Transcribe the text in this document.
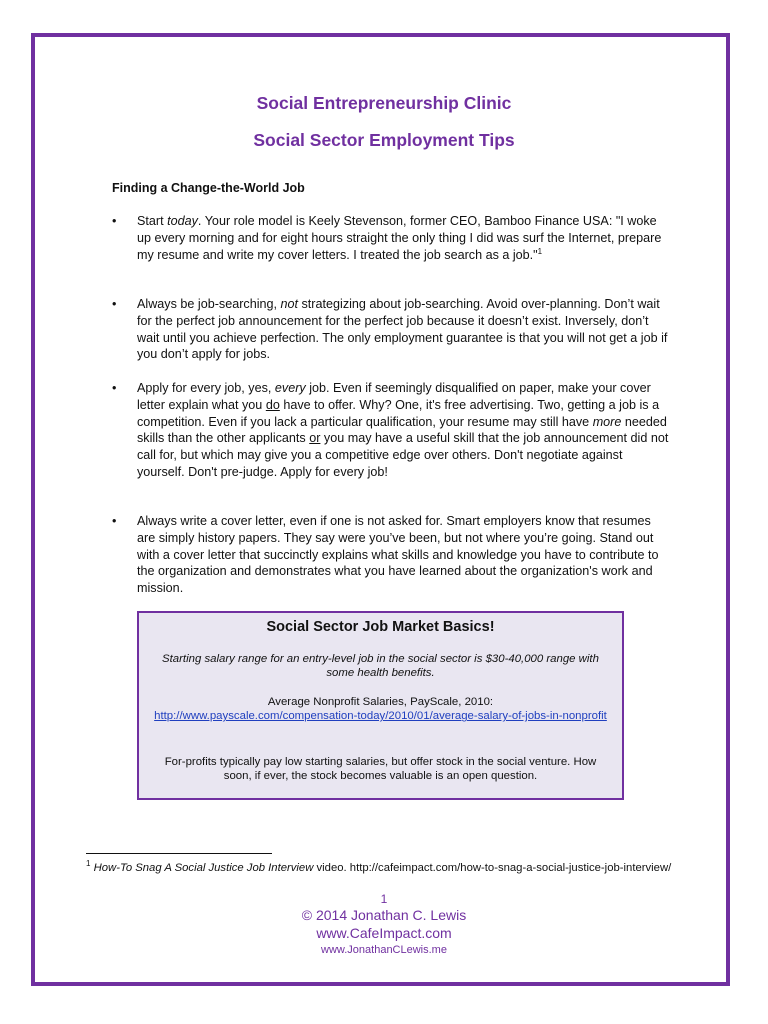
Social Entrepreneurship Clinic
Social Sector Employment Tips
Finding a Change-the-World Job
•	Start today. Your role model is Keely Stevenson, former CEO, Bamboo Finance USA: "I woke up every morning and for eight hours straight the only thing I did was surf the Internet, prepare my resume and write my cover letters. I treated the job search as a job."$^1$
•	Always be job-searching, not strategizing about job-searching. Avoid over-planning. Don’t wait for the perfect job announcement for the perfect job because it doesn’t exist. Inversely, don’t wait until you achieve perfection. The only employment guarantee is that you will not get a job if you don’t apply for jobs.
•	Apply for every job, yes, every job. Even if seemingly disqualified on paper, make your cover letter explain what you do have to offer. Why? One, it's free advertising. Two, getting a job is a competition. Even if you lack a particular qualification, your resume may still have more needed skills than the other applicants or you may have a useful skill that the job announcement did not call for, but which may give you a competitive edge over others. Don't negotiate against yourself. Don't pre-judge. Apply for every job!
•	Always write a cover letter, even if one is not asked for. Smart employers know that resumes are simply history papers. They say were you’ve been, but not where you’re going. Stand out with a cover letter that succinctly explains what skills and knowledge you have to contribute to the organization and demonstrates what you have learned about the organization's work and mission.
Social Sector Job Market Basics!
Starting salary range for an entry-level job in the social sector is $30-40,000 range with some health benefits.
Average Nonprofit Salaries, PayScale, 2010:
http://www.payscale.com/compensation-today/2010/01/average-salary-of-jobs-in-nonprofit
For-profits typically pay low starting salaries, but offer stock in the social venture. How soon, if ever, the stock becomes valuable is an open question.
$^1$ How-To Snag A Social Justice Job Interview video. http://cafeimpact.com/how-to-snag-a-social-justice-job-interview/
1
© 2014 Jonathan C. Lewis
www.CafeImpact.com
www.JonathanCLewis.me
